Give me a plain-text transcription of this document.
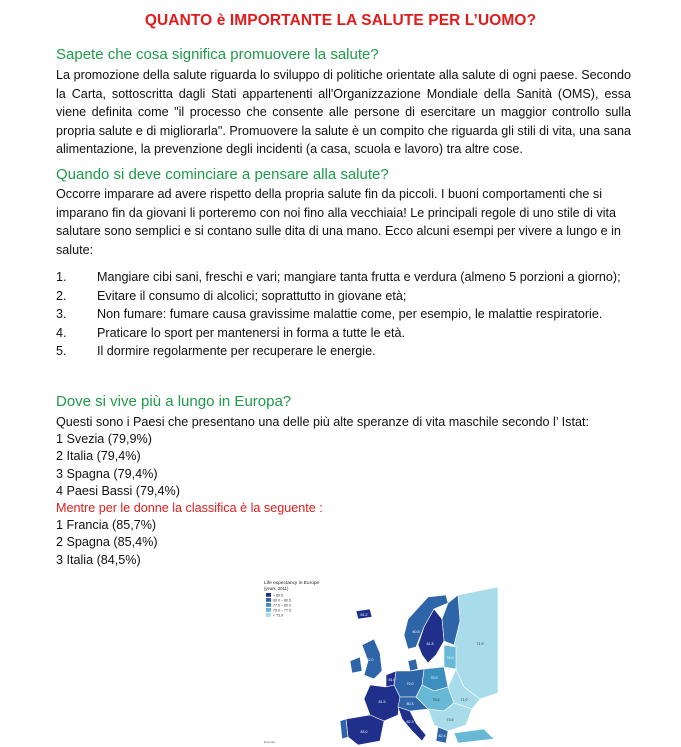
QUANTO è IMPORTANTE LA SALUTE PER L’UOMO?
Sapete che cosa significa promuovere la salute?
La promozione della salute riguarda lo sviluppo di politiche orientate alla salute di ogni paese. Secondo la Carta, sottoscritta dagli Stati appartenenti all'Organizzazione Mondiale della Sanità (OMS), essa viene definita come "il processo che consente alle persone di esercitare un maggior controllo sulla propria salute e di migliorarla". Promuovere la salute è un compito che riguarda gli stili di vita, una sana alimentazione, la prevenzione degli incidenti (a casa, scuola e lavoro) tra altre cose.
Quando si deve cominciare a pensare alla salute?
Occorre imparare ad avere rispetto della propria salute fin da piccoli. I buoni comportamenti che si imparano fin da giovani li porteremo con noi fino alla vecchiaia! Le principali regole di uno stile di vita salutare sono semplici e si contano sulle dita di una mano. Ecco alcuni esempi per vivere a lungo e in salute:
1. Mangiare cibi sani, freschi e vari; mangiare tanta frutta e verdura (almeno 5 porzioni a giorno);
2. Evitare il consumo di alcolici; soprattutto in giovane età;
3. Non fumare: fumare causa gravissime malattie come, per esempio, le malattie respiratorie.
4. Praticare lo sport per mantenersi in forma a tutte le età.
5. Il dormire regolarmente per recuperare le energie.
Dove si vive più a lungo in Europa?
Questi sono i Paesi che presentano una delle più alte speranze di vita maschile secondo l’ Istat:
1 Svezia (79,9%)
2 Italia (79,4%)
3 Spagna (79,4%)
4 Paesi Bassi (79,4%)
Mentre per le donne la classifica è la seguente :
1 Francia (85,7%)
2 Spagna (85,4%)
3 Italia (84,5%)
Life expectancy in Europe
(years, 2011)
> 80.5
80.0 – 80.5
77.5 – 80.0
75.0 – 77.5
< 75.0	81.2
82.0
81.8
80.8
79.0
76.0
74.0
71.9
81.5	80.3
82.3
83.0
71.0
82.4
73.6
81.0
76.6
Eurostat
